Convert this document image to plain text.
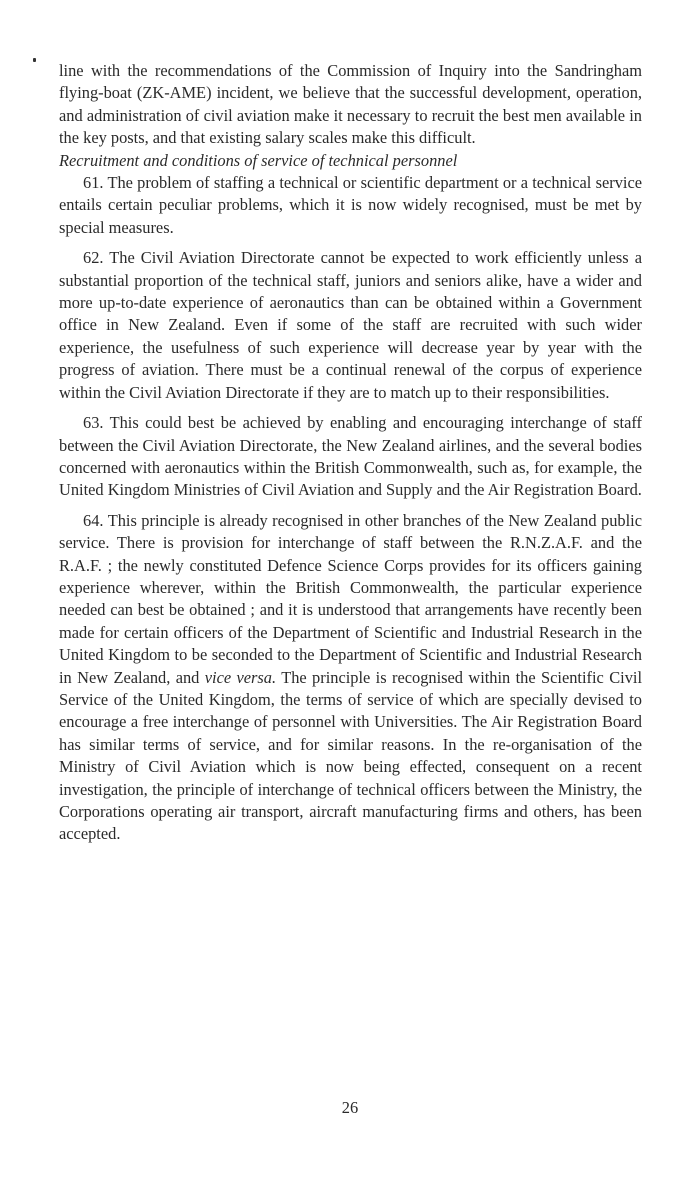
line with the recommendations of the Commission of Inquiry into the Sandringham flying-boat (ZK-AME) incident, we believe that the successful development, operation, and administration of civil aviation make it necessary to recruit the best men available in the key posts, and that existing salary scales make this difficult.

Recruitment and conditions of service of technical personnel

61. The problem of staffing a technical or scientific department or a technical service entails certain peculiar problems, which it is now widely recognised, must be met by special measures.

62. The Civil Aviation Directorate cannot be expected to work efficiently unless a substantial proportion of the technical staff, juniors and seniors alike, have a wider and more up-to-date experience of aeronautics than can be obtained within a Government office in New Zealand. Even if some of the staff are recruited with such wider experience, the usefulness of such experience will decrease year by year with the progress of aviation. There must be a continual renewal of the corpus of experience within the Civil Aviation Directorate if they are to match up to their responsibilities.

63. This could best be achieved by enabling and encouraging interchange of staff between the Civil Aviation Directorate, the New Zealand airlines, and the several bodies concerned with aeronautics within the British Commonwealth, such as, for example, the United Kingdom Ministries of Civil Aviation and Supply and the Air Registration Board.

64. This principle is already recognised in other branches of the New Zealand public service. There is provision for interchange of staff between the R.N.Z.A.F. and the R.A.F. ; the newly constituted Defence Science Corps provides for its officers gaining experience wherever, within the British Commonwealth, the particular experience needed can best be obtained ; and it is understood that arrangements have recently been made for certain officers of the Department of Scientific and Industrial Research in the United Kingdom to be seconded to the Department of Scientific and Industrial Research in New Zealand, and vice versa. The principle is recognised within the Scientific Civil Service of the United Kingdom, the terms of service of which are specially devised to encourage a free interchange of personnel with Universities. The Air Registration Board has similar terms of service, and for similar reasons. In the re-organisation of the Ministry of Civil Aviation which is now being effected, consequent on a recent investigation, the principle of interchange of technical officers between the Ministry, the Corporations operating air transport, aircraft manufacturing firms and others, has been accepted.

26
